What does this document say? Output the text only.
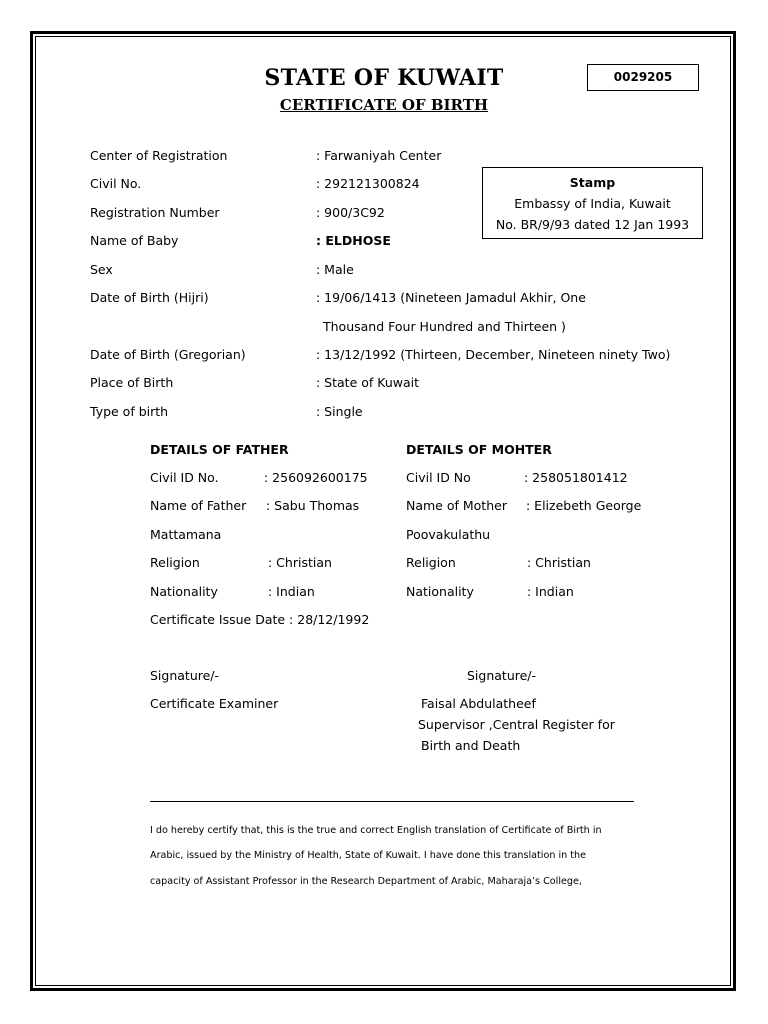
STATE OF KUWAIT
CERTIFICATE OF BIRTH
0029205
Stamp
Embassy of India, Kuwait
No. BR/9/93 dated 12 Jan 1993
Center of Registration	: Farwaniyah Center
Civil No.	: 292121300824
Registration Number	: 900/3C92
Name of Baby	: ELDHOSE
Sex	: Male
Date of Birth (Hijri)	: 19/06/1413 (Nineteen Jamadul Akhir, One
Thousand Four Hundred and Thirteen )
Date of Birth (Gregorian)	: 13/12/1992 (Thirteen, December, Nineteen ninety Two)
Place of Birth	: State of Kuwait
Type of birth	: Single
DETAILS OF FATHER
Civil ID No.	: 256092600175
Name of Father : Sabu Thomas
Mattamana
Religion	: Christian
Nationality	: Indian
Certificate Issue Date : 28/12/1992
DETAILS OF MOHTER
Civil ID No	: 258051801412
Name of Mother : Elizebeth George
Poovakulathu
Religion	: Christian
Nationality	: Indian
Signature/-
Certificate Examiner
Signature/-
Faisal Abdulatheef
Supervisor ,Central Register for
Birth and Death
I do hereby certify that, this is the true and correct English translation of Certificate of Birth in
Arabic, issued by the Ministry of Health, State of Kuwait. I have done this translation in the
capacity of Assistant Professor in the Research Department of Arabic, Maharaja’s College,
